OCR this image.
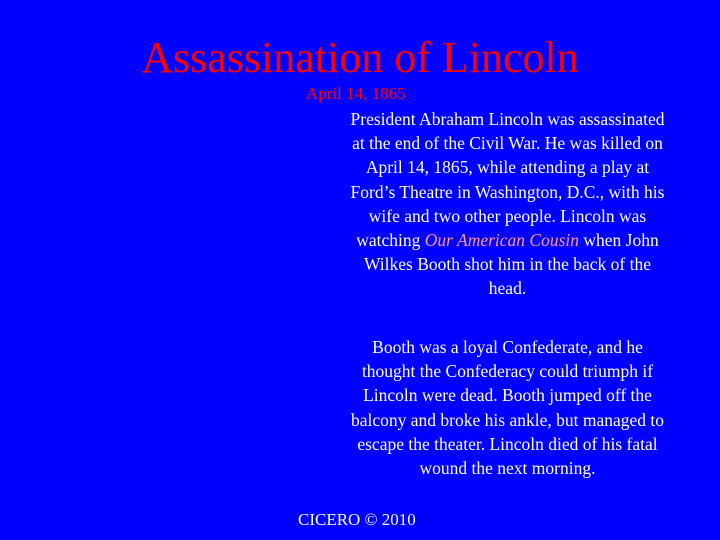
Assassination of Lincoln
April 14, 1865

President Abraham Lincoln was assassinated at the end of the Civil War. He was killed on April 14, 1865, while attending a play at Ford’s Theatre in Washington, D.C., with his wife and two other people. Lincoln was watching Our American Cousin when John Wilkes Booth shot him in the back of the head.

Booth was a loyal Confederate, and he thought the Confederacy could triumph if Lincoln were dead. Booth jumped off the balcony and broke his ankle, but managed to escape the theater. Lincoln died of his fatal wound the next morning.

CICERO © 2010
